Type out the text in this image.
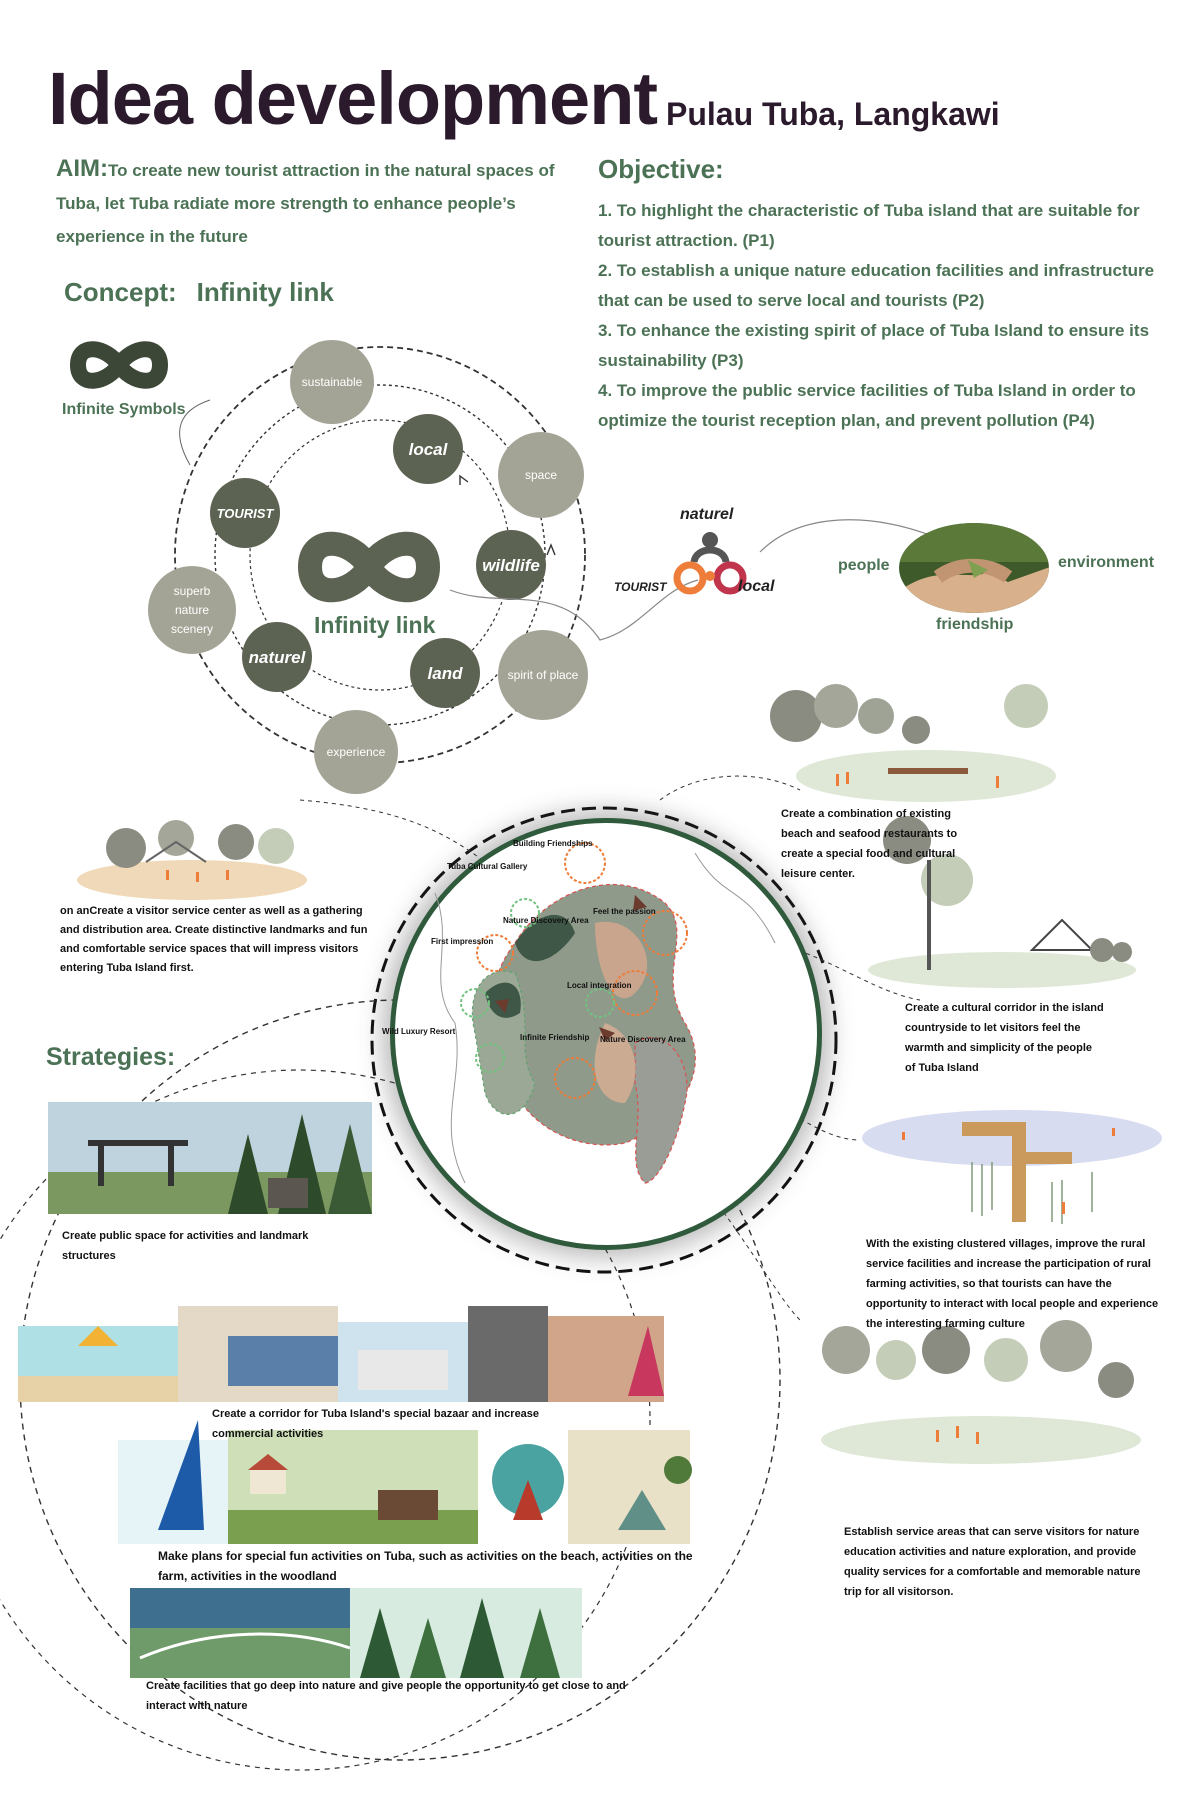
Idea development Pulau Tuba, Langkawi
AIM:To create new tourist attraction in the natural spaces of Tuba, let Tuba radiate more strength to enhance people’s experience in the future
Objective:
1. To highlight the characteristic of Tuba island that are suitable for tourist attraction. (P1)
2. To establish a unique nature education facilities and infrastructure that can be used to serve local and tourists (P2)
3. To enhance the existing spirit of place of Tuba Island to ensure its sustainability (P3)
4. To improve the public service facilities of Tuba Island in order to optimize the tourist reception plan, and prevent pollution (P4)
Concept: Infinity link
Infinite Symbols
sustainable
space
spirit of place
experience
superb nature scenery
local
wildlife
land
naturel
TOURIST
Infinity link
naturel
TOURIST	local
people	environment
friendship
Building Friendships
Tuba Cultural Gallery
Nature Discovery Area
Feel the passion
First impression
Local integration
Wild Luxury Resort
Infinite Friendship Nature Discovery Area
on anCreate a visitor service center as well as a gathering and distribution area. Create distinctive landmarks and fun and comfortable service spaces that will impress visitors entering Tuba Island first.
Create a combination of existing beach and seafood restaurants to create a special food and cultural leisure center.
Create a cultural corridor in the island countryside to let visitors feel the warmth and simplicity of the people of Tuba Island
With the existing clustered villages, improve the rural service facilities and increase the participation of rural farming activities, so that tourists can have the opportunity to interact with local people and experience the interesting farming culture
Establish service areas that can serve visitors for nature education activities and nature exploration, and provide quality services for a comfortable and memorable nature trip for all visitorson.
Strategies:
Create public space for activities and landmark structures
Create a corridor for Tuba Island's special bazaar and increase commercial activities
Make plans for special fun activities on Tuba, such as activities on the beach, activities on the farm, activities in the woodland
Create facilities that go deep into nature and give people the opportunity to get close to and interact with nature
